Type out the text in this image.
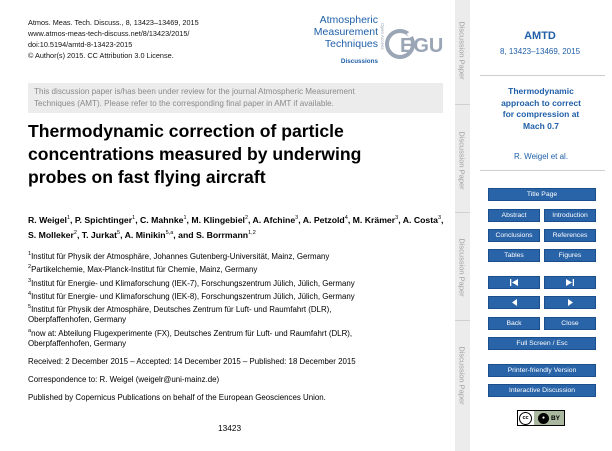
Atmos. Meas. Tech. Discuss., 8, 13423–13469, 2015
www.atmos-meas-tech-discuss.net/8/13423/2015/
doi:10.5194/amtd-8-13423-2015
© Author(s) 2015. CC Attribution 3.0 License.
Atmospheric
Measurement
Techniques
Discussions
Open Access EGU
This discussion paper is/has been under review for the journal Atmospheric Measurement
Techniques (AMT). Please refer to the corresponding final paper in AMT if available.
Thermodynamic correction of particle
concentrations measured by underwing
probes on fast flying aircraft
R. Weigel$^1$, P. Spichtinger$^1$, C. Mahnke$^1$, M. Klingebiel$^2$, A. Afchine$^3$, A. Petzold$^4$, M. Krämer$^3$, A. Costa$^3$, S. Molleker$^2$, T. Jurkat$^5$, A. Minikin$^{5,a}$, and S. Borrmann$^{1,2}$
$^1$Institut für Physik der Atmosphäre, Johannes Gutenberg-Universität, Mainz, Germany
$^2$Partikelchemie, Max-Planck-Institut für Chemie, Mainz, Germany
$^3$Institut für Energie- und Klimaforschung (IEK-7), Forschungszentrum Jülich, Jülich, Germany
$^4$Institut für Energie- und Klimaforschung (IEK-8), Forschungszentrum Jülich, Jülich, Germany
$^5$Institut für Physik der Atmosphäre, Deutsches Zentrum für Luft- und Raumfahrt (DLR),
Oberpfaffenhofen, Germany
$^a$now at: Abteilung Flugexperimente (FX), Deutsches Zentrum für Luft- und Raumfahrt (DLR),
Oberpfaffenhofen, Germany
Received: 2 December 2015 – Accepted: 14 December 2015 – Published: 18 December 2015
Correspondence to: R. Weigel (weigelr@uni-mainz.de)
Published by Copernicus Publications on behalf of the European Geosciences Union.
13423
Discussion Paper
Discussion Paper
Discussion Paper
Discussion Paper
AMTD
8, 13423–13469, 2015
Thermodynamic
approach to correct
for compression at
Mach 0.7
R. Weigel et al.
Title Page
Abstract	Introduction
Conclusions	References
Tables	Figures
Back	Close
Full Screen / Esc
Printer-friendly Version
Interactive Discussion
cc	● BY
